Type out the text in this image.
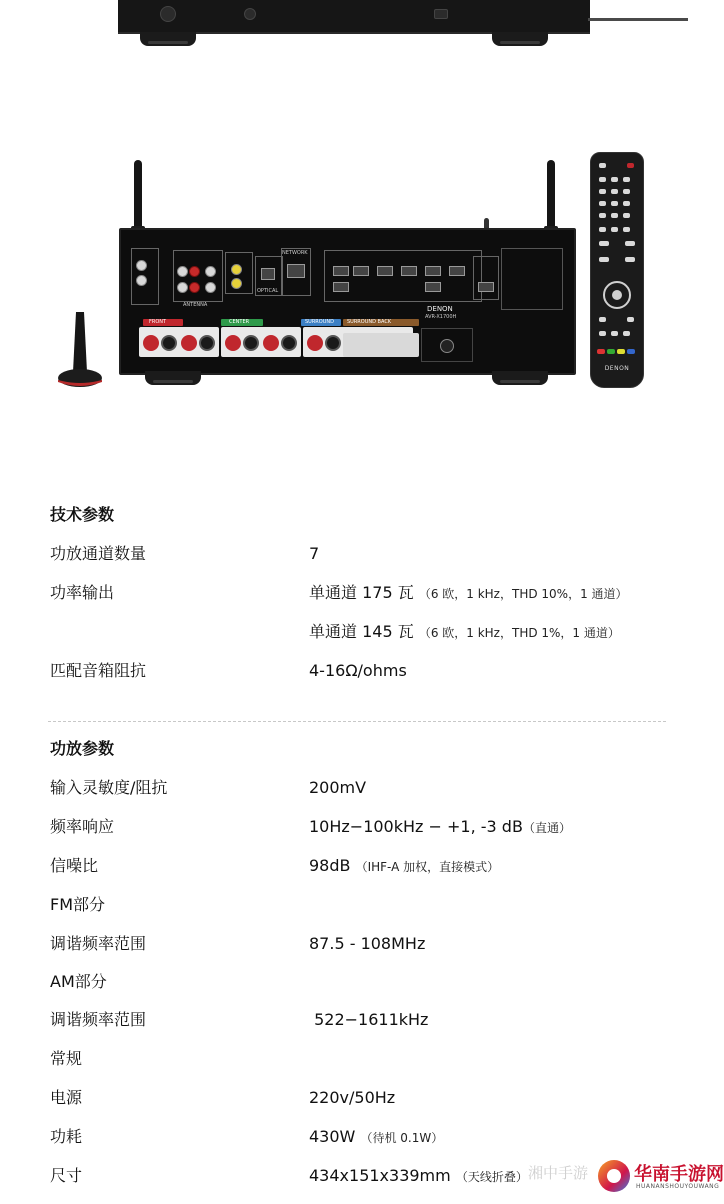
OPTICAL
NETWORK
ANTENNA	DENON
AVR-X1700H
FRONT	CENTER	SURROUND	SURROUND BACK
DENON
技术参数
功放通道数量	7
功率输出	单通道 175 瓦 （6 欧，1 kHz，THD 10%，1 通道）
单通道 145 瓦 （6 欧，1 kHz，THD 1%，1 通道）
匹配音箱阻抗	4-16Ω/ohms
功放参数
输入灵敏度/阻抗	200mV
频率响应	10Hz−100kHz − +1, -3 dB（直通）
信噪比	98dB （IHF-A 加权，直接模式）
FM部分
调谐频率范围	87.5 - 108MHz
AM部分
调谐频率范围	522−1611kHz
常规
电源	220v/50Hz
功耗	430W （待机 0.1W）
尺寸	434x151x339mm （天线折叠） 湘中手游	华南手游网
HUANANSHOUYOUWANG
